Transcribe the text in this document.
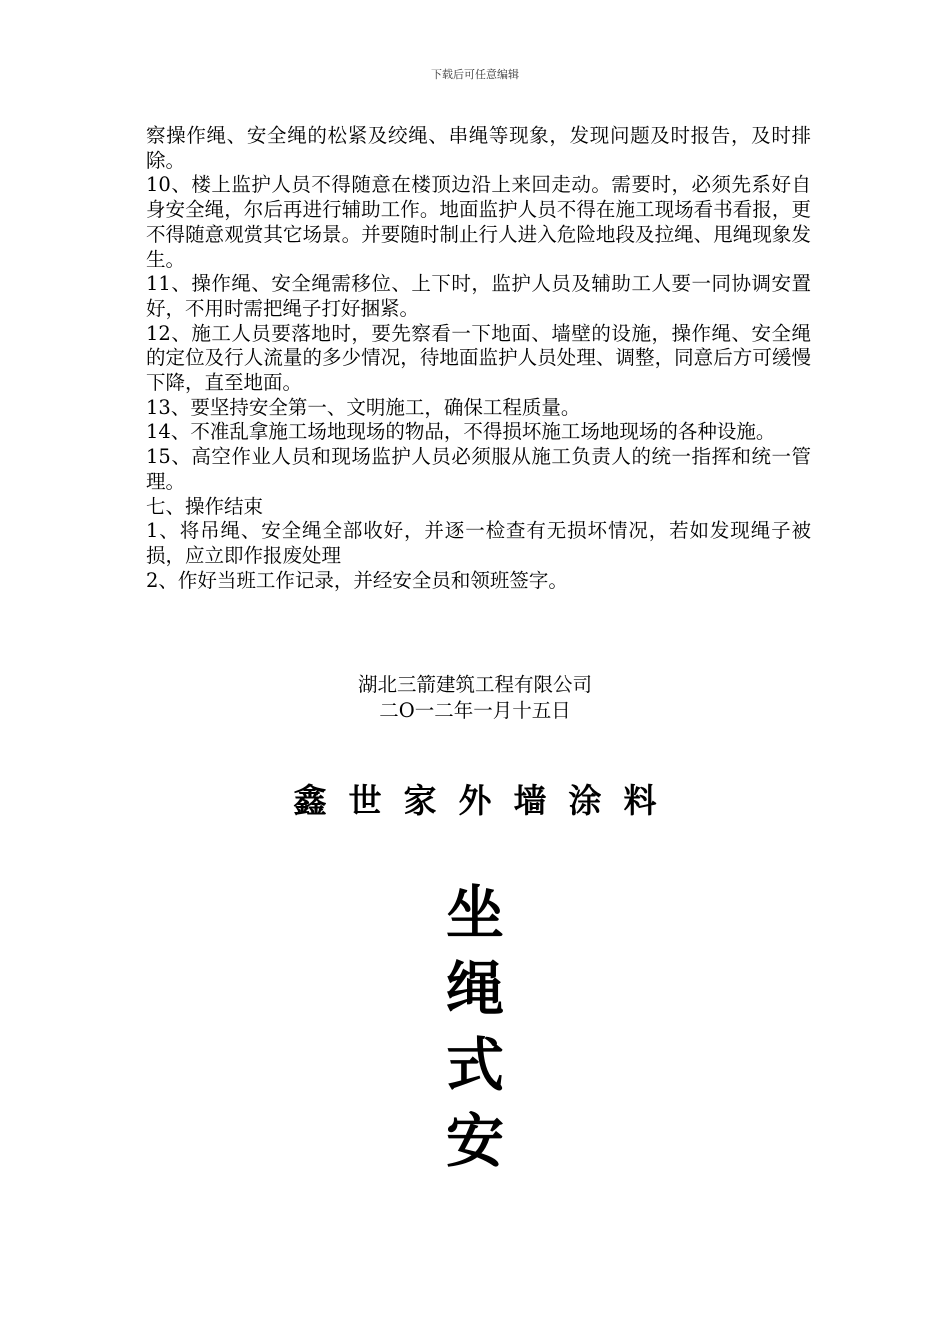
下载后可任意编辑

察操作绳、安全绳的松紧及绞绳、串绳等现象，发现问题及时报告，及时排除。

10、楼上监护人员不得随意在楼顶边沿上来回走动。需要时，必须先系好自身安全绳，尔后再进行辅助工作。地面监护人员不得在施工现场看书看报，更不得随意观赏其它场景。并要随时制止行人进入危险地段及拉绳、甩绳现象发生。

11、操作绳、安全绳需移位、上下时，监护人员及辅助工人要一同协调安置好，不用时需把绳子打好捆紧。

12、施工人员要落地时，要先察看一下地面、墙壁的设施，操作绳、安全绳的定位及行人流量的多少情况，待地面监护人员处理、调整，同意后方可缓慢下降，直至地面。

13、要坚持安全第一、文明施工，确保工程质量。

14、不准乱拿施工场地现场的物品，不得损坏施工场地现场的各种设施。

15、高空作业人员和现场监护人员必须服从施工负责人的统一指挥和统一管理。

七、操作结束

1、将吊绳、安全绳全部收好，并逐一检查有无损坏情况，若如发现绳子被损，应立即作报废处理

2、作好当班工作记录，并经安全员和领班签字。

湖北三箭建筑工程有限公司
二O一二年一月十五日
鑫世家外墙涂料
坐
绳
式
安
